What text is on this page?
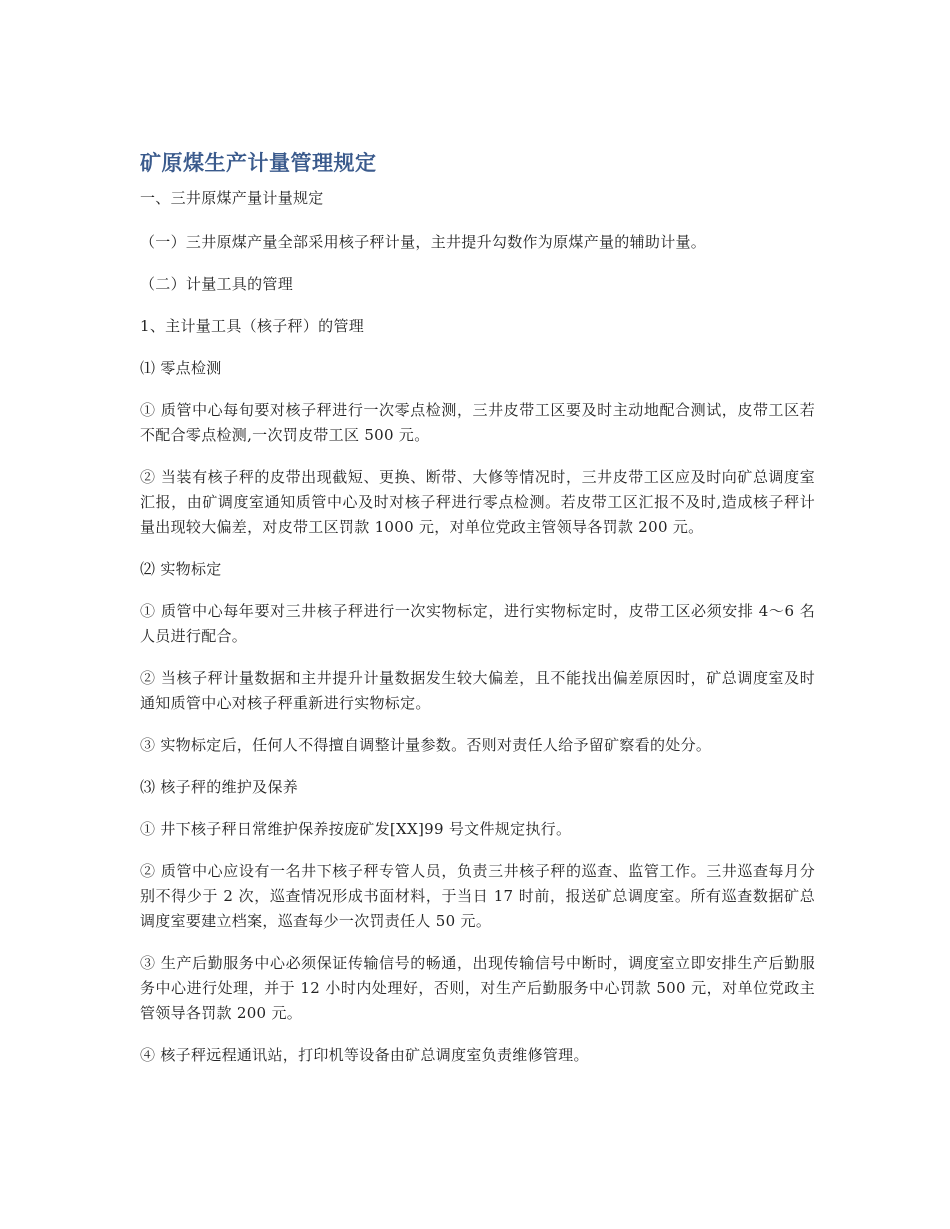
矿原煤生产计量管理规定

一、三井原煤产量计量规定

（一）三井原煤产量全部采用核子秤计量，主井提升勾数作为原煤产量的辅助计量。

（二）计量工具的管理

1、主计量工具（核子秤）的管理

⑴ 零点检测

① 质管中心每旬要对核子秤进行一次零点检测，三井皮带工区要及时主动地配合测试，皮带工区若不配合零点检测,一次罚皮带工区 500 元。

② 当装有核子秤的皮带出现截短、更换、断带、大修等情况时，三井皮带工区应及时向矿总调度室汇报，由矿调度室通知质管中心及时对核子秤进行零点检测。若皮带工区汇报不及时,造成核子秤计量出现较大偏差，对皮带工区罚款 1000 元，对单位党政主管领导各罚款 200 元。

⑵ 实物标定

① 质管中心每年要对三井核子秤进行一次实物标定，进行实物标定时，皮带工区必须安排 4～6 名人员进行配合。

② 当核子秤计量数据和主井提升计量数据发生较大偏差，且不能找出偏差原因时，矿总调度室及时通知质管中心对核子秤重新进行实物标定。

③ 实物标定后，任何人不得擅自调整计量参数。否则对责任人给予留矿察看的处分。

⑶ 核子秤的维护及保养

① 井下核子秤日常维护保养按庞矿发[XX]99 号文件规定执行。

② 质管中心应设有一名井下核子秤专管人员，负责三井核子秤的巡查、监管工作。三井巡查每月分别不得少于 2 次，巡查情况形成书面材料，于当日 17 时前，报送矿总调度室。所有巡查数据矿总调度室要建立档案，巡查每少一次罚责任人 50 元。

③ 生产后勤服务中心必须保证传输信号的畅通，出现传输信号中断时，调度室立即安排生产后勤服务中心进行处理，并于 12 小时内处理好，否则，对生产后勤服务中心罚款 500 元，对单位党政主管领导各罚款 200 元。

④ 核子秤远程通讯站，打印机等设备由矿总调度室负责维修管理。
